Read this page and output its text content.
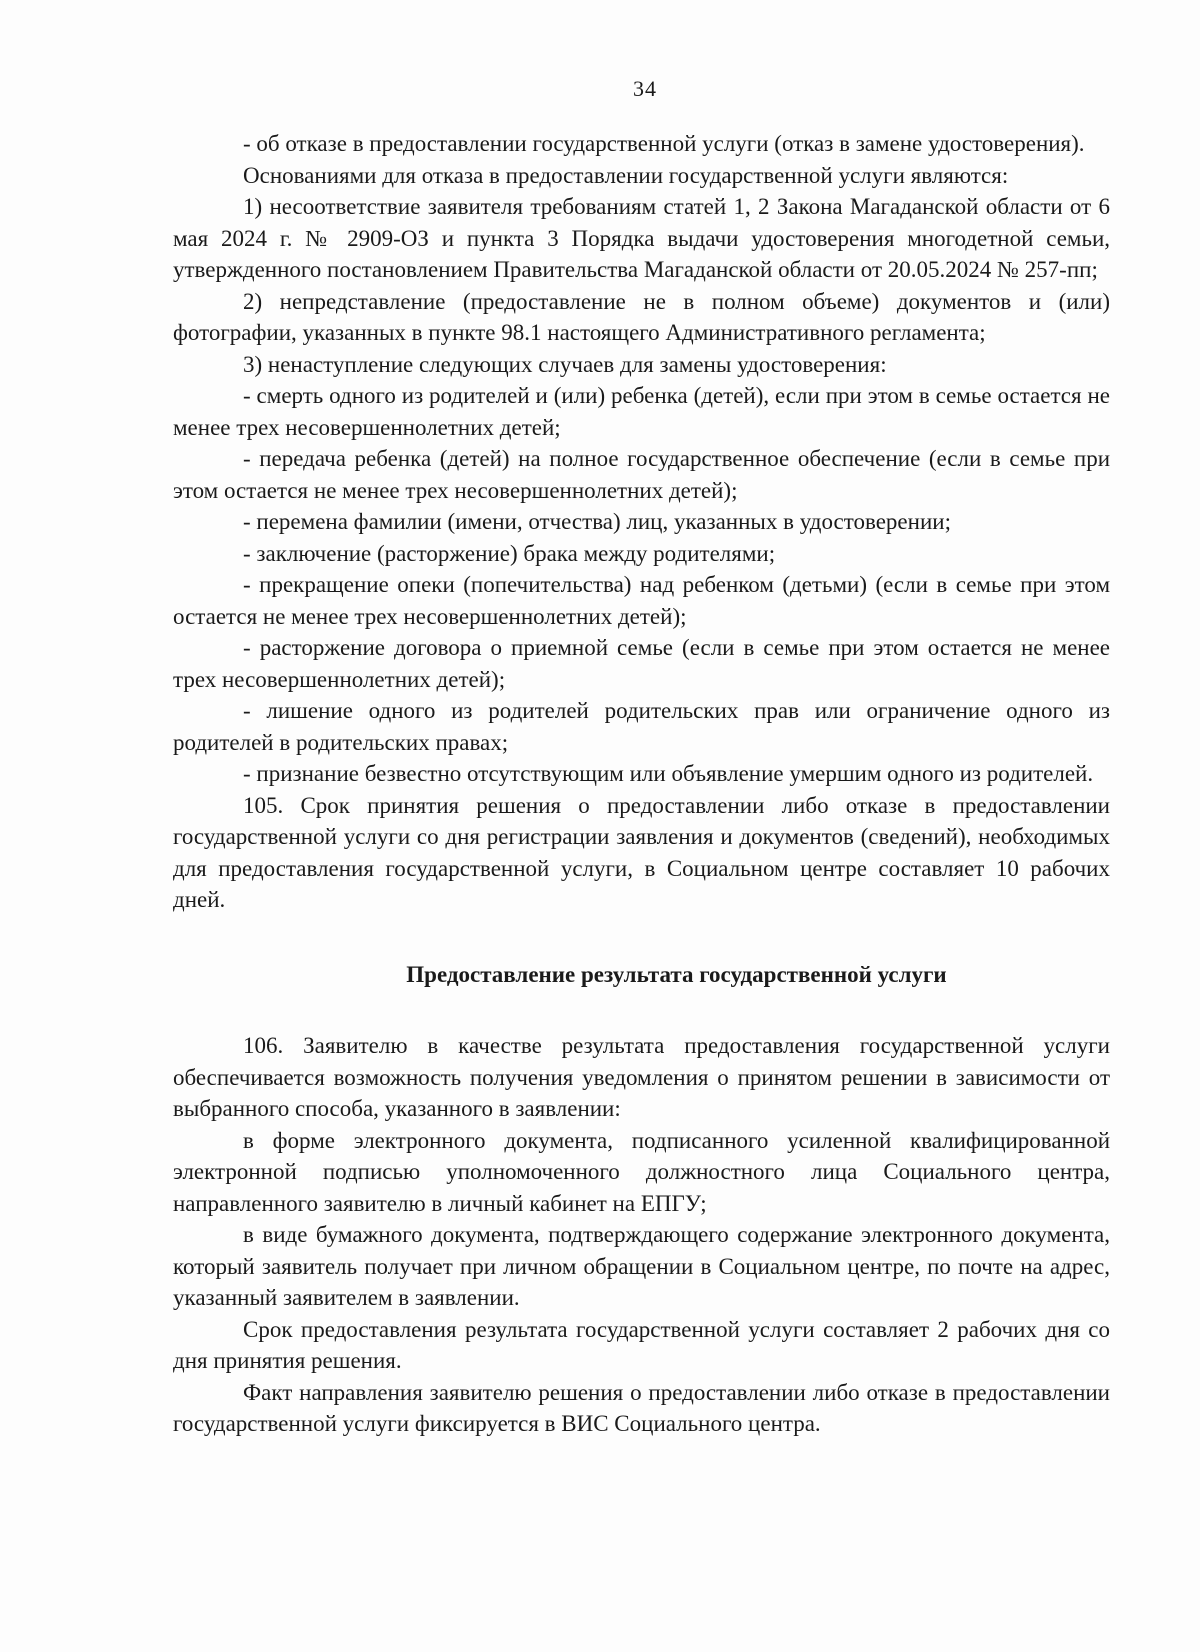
34

- об отказе в предоставлении государственной услуги (отказ в замене удостоверения).

Основаниями для отказа в предоставлении государственной услуги являются:

1) несоответствие заявителя требованиям статей 1, 2 Закона Магаданской области от 6 мая 2024 г. № 2909-ОЗ и пункта 3 Порядка выдачи удостоверения многодетной семьи, утвержденного постановлением Правительства Магаданской области от 20.05.2024 № 257-пп;

2) непредставление (предоставление не в полном объеме) документов и (или) фотографии, указанных в пункте 98.1 настоящего Административного регламента;

3) ненаступление следующих случаев для замены удостоверения:

- смерть одного из родителей и (или) ребенка (детей), если при этом в семье остается не менее трех несовершеннолетних детей;

- передача ребенка (детей) на полное государственное обеспечение (если в семье при этом остается не менее трех несовершеннолетних детей);

- перемена фамилии (имени, отчества) лиц, указанных в удостоверении;

- заключение (расторжение) брака между родителями;

- прекращение опеки (попечительства) над ребенком (детьми) (если в семье при этом остается не менее трех несовершеннолетних детей);

- расторжение договора о приемной семье (если в семье при этом остается не менее трех несовершеннолетних детей);

- лишение одного из родителей родительских прав или ограничение одного из родителей в родительских правах;

- признание безвестно отсутствующим или объявление умершим одного из родителей.

105. Срок принятия решения о предоставлении либо отказе в предоставлении государственной услуги со дня регистрации заявления и документов (сведений), необходимых для предоставления государственной услуги, в Социальном центре составляет 10 рабочих дней.

Предоставление результата государственной услуги

106. Заявителю в качестве результата предоставления государственной услуги обеспечивается возможность получения уведомления о принятом решении в зависимости от выбранного способа, указанного в заявлении:

в форме электронного документа, подписанного усиленной квалифицированной электронной подписью уполномоченного должностного лица Социального центра, направленного заявителю в личный кабинет на ЕПГУ;

в виде бумажного документа, подтверждающего содержание электронного документа, который заявитель получает при личном обращении в Социальном центре, по почте на адрес, указанный заявителем в заявлении.

Срок предоставления результата государственной услуги составляет 2 рабочих дня со дня принятия решения.

Факт направления заявителю решения о предоставлении либо отказе в предоставлении государственной услуги фиксируется в ВИС Социального центра.
